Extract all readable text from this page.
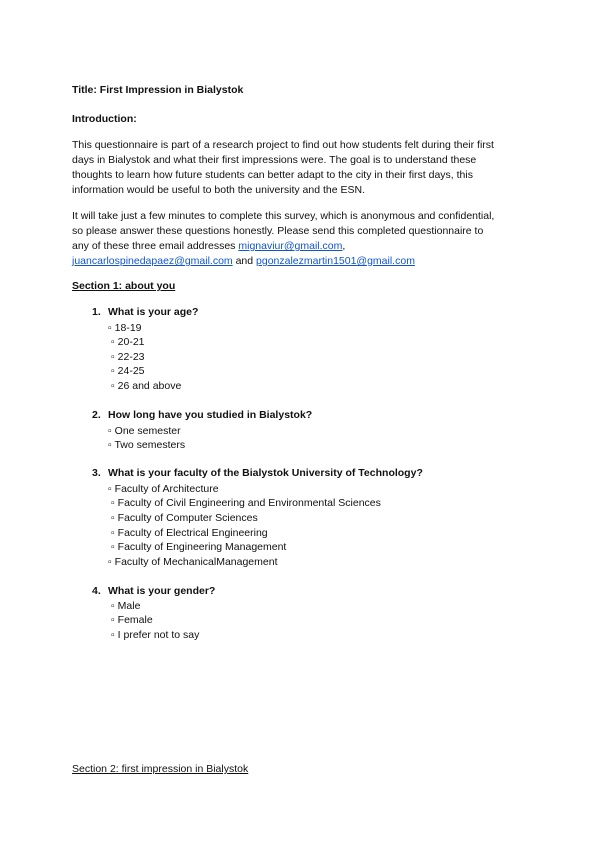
Title: First Impression in Bialystok
Introduction:
This questionnaire is part of a research project to find out how students felt during their first
days in Bialystok and what their first impressions were. The goal is to understand these
thoughts to learn how future students can better adapt to the city in their first days, this
information would be useful to both the university and the ESN.
It will take just a few minutes to complete this survey, which is anonymous and confidential,
so please answer these questions honestly. Please send this completed questionnaire to
any of these three email addresses mignaviur@gmail.com,
juancarlospinedapaez@gmail.com and pgonzalezmartin1501@gmail.com
Section 1: about you
1. What is your age?
▫ 18-19
▫ 20-21
▫ 22-23
▫ 24-25
▫ 26 and above
2. How long have you studied in Bialystok?
▫ One semester
▫ Two semesters
3. What is your faculty of the Bialystok University of Technology?
▫ Faculty of Architecture
▫ Faculty of Civil Engineering and Environmental Sciences
▫ Faculty of Computer Sciences
▫ Faculty of Electrical Engineering
▫ Faculty of Engineering Management
▫ Faculty of MechanicalManagement
4. What is your gender?
▫ Male
▫ Female
▫ I prefer not to say
Section 2: first impression in Bialystok
